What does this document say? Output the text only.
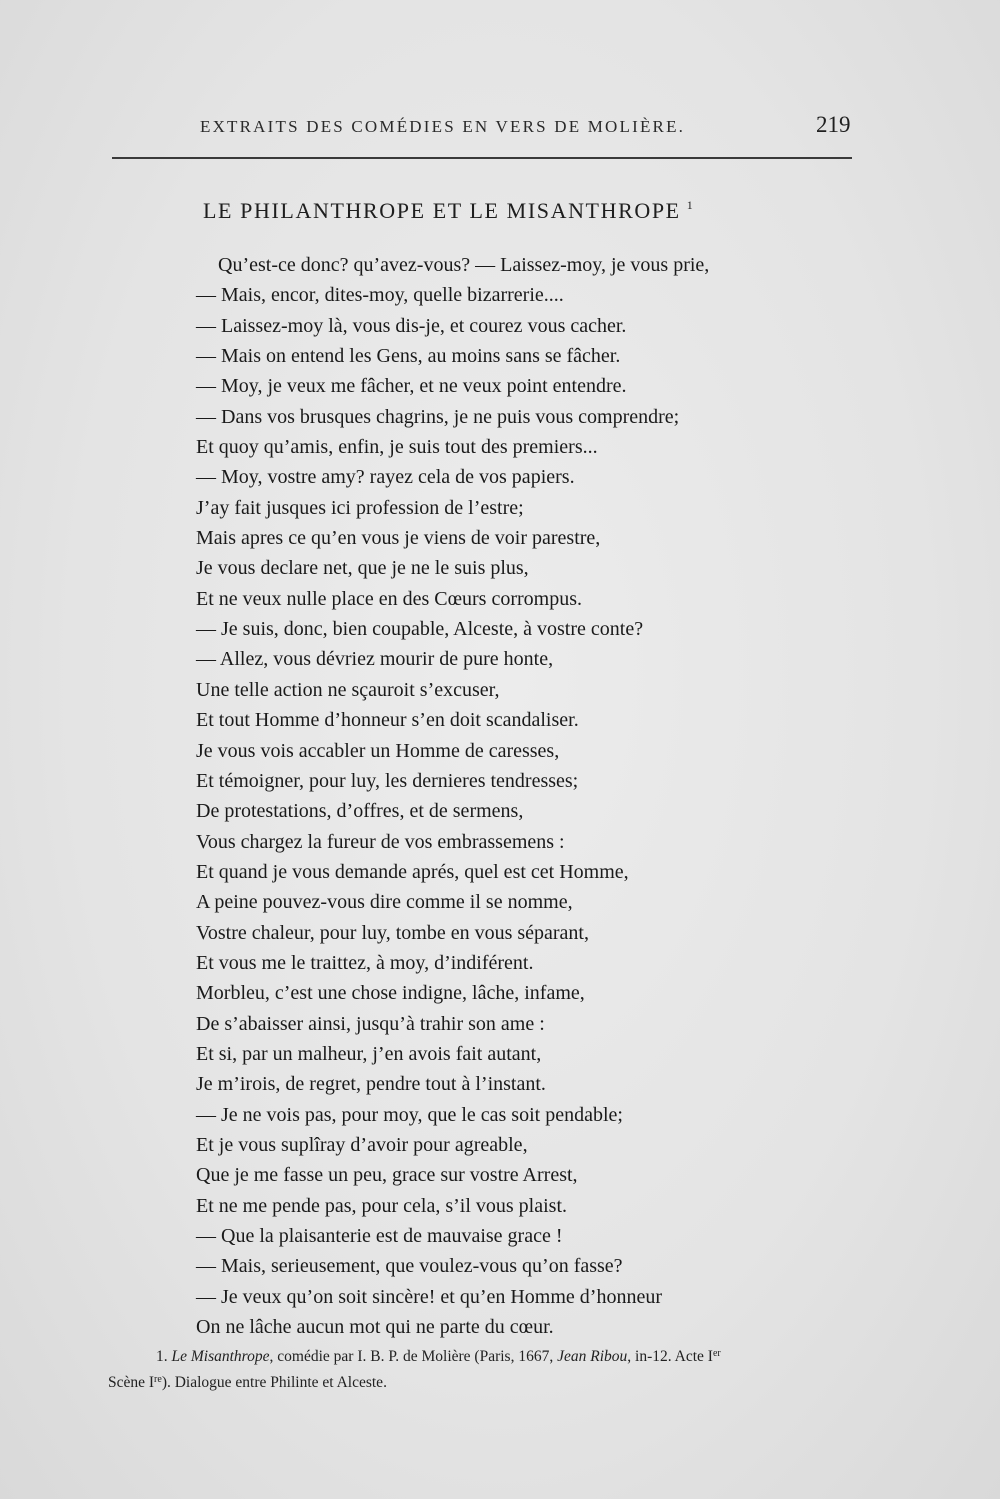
EXTRAITS DES COMÉDIES EN VERS DE MOLIÈRE.	219
LE PHILANTHROPE ET LE MISANTHROPE $^1$
Qu’est-ce donc? qu’avez-vous? — Laissez-moy, je vous prie,
— Mais, encor, dites-moy, quelle bizarrerie....
— Laissez-moy là, vous dis-je, et courez vous cacher.
— Mais on entend les Gens, au moins sans se fâcher.
— Moy, je veux me fâcher, et ne veux point entendre.
— Dans vos brusques chagrins, je ne puis vous comprendre;
Et quoy qu’amis, enfin, je suis tout des premiers...
— Moy, vostre amy? rayez cela de vos papiers.
J’ay fait jusques ici profession de l’estre;
Mais apres ce qu’en vous je viens de voir parestre,
Je vous declare net, que je ne le suis plus,
Et ne veux nulle place en des Cœurs corrompus.
— Je suis, donc, bien coupable, Alceste, à vostre conte?
— Allez, vous dévriez mourir de pure honte,
Une telle action ne sçauroit s’excuser,
Et tout Homme d’honneur s’en doit scandaliser.
Je vous vois accabler un Homme de caresses,
Et témoigner, pour luy, les dernieres tendresses;
De protestations, d’offres, et de sermens,
Vous chargez la fureur de vos embrassemens :
Et quand je vous demande aprés, quel est cet Homme,
A peine pouvez-vous dire comme il se nomme,
Vostre chaleur, pour luy, tombe en vous séparant,
Et vous me le traittez, à moy, d’indiférent.
Morbleu, c’est une chose indigne, lâche, infame,
De s’abaisser ainsi, jusqu’à trahir son ame :
Et si, par un malheur, j’en avois fait autant,
Je m’irois, de regret, pendre tout à l’instant.
— Je ne vois pas, pour moy, que le cas soit pendable;
Et je vous suplîray d’avoir pour agreable,
Que je me fasse un peu, grace sur vostre Arrest,
Et ne me pende pas, pour cela, s’il vous plaist.
— Que la plaisanterie est de mauvaise grace !
— Mais, serieusement, que voulez-vous qu’on fasse?
— Je veux qu’on soit sincère! et qu’en Homme d’honneur
On ne lâche aucun mot qui ne parte du cœur.
1. Le Misanthrope, comédie par I. B. P. de Molière (Paris, 1667, Jean Ribou, in-12. Acte Ier
Scène Ire). Dialogue entre Philinte et Alceste.
